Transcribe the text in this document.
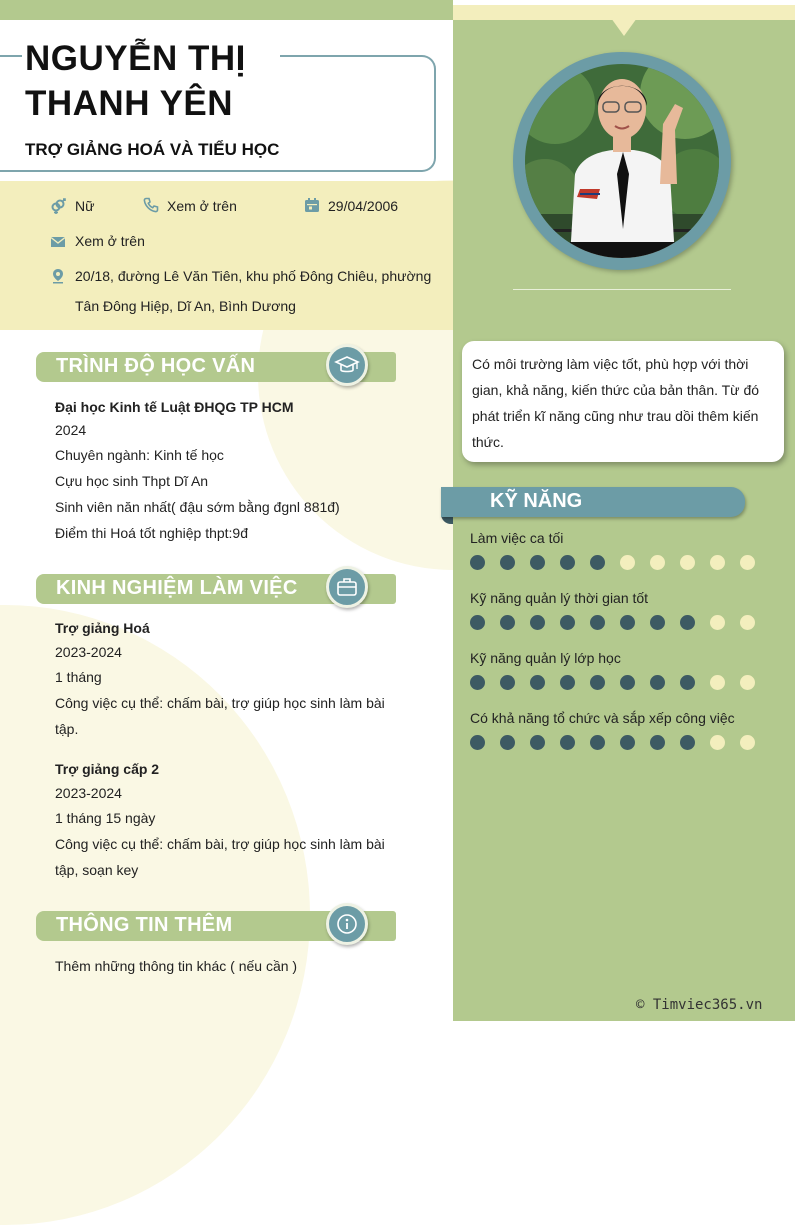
NGUYỄN THỊ
THANH YÊN
TRỢ GIẢNG HOÁ VÀ TIỂU HỌC
Nữ	Xem ở trên	29/04/2006
Xem ở trên
20/18, đường Lê Văn Tiên, khu phố Đông Chiêu, phường
Tân Đông Hiệp, Dĩ An, Bình Dương
TRÌNH ĐỘ HỌC VẤN
Đại học Kinh tế Luật ĐHQG TP HCM
2024
Chuyên ngành: Kinh tế học
Cựu học sinh Thpt Dĩ An
Sinh viên năn nhất( đậu sớm bằng đgnl 881đ)
Điểm thi Hoá tốt nghiệp thpt:9đ
KINH NGHIỆM LÀM VIỆC
Trợ giảng Hoá
2023-2024
1 tháng
Công việc cụ thể: chấm bài, trợ giúp học sinh làm bài
tập.
Trợ giảng cấp 2
2023-2024
1 tháng 15 ngày
Công việc cụ thể: chấm bài, trợ giúp học sinh làm bài
tập, soạn key
THÔNG TIN THÊM
Thêm những thông tin khác ( nếu cần )
Có môi trường làm việc tốt, phù hợp với thời gian, khả năng, kiến thức của bản thân. Từ đó phát triển kĩ năng cũng như trau dồi thêm kiến thức.
KỸ NĂNG
Làm việc ca tối
Kỹ năng quản lý thời gian tốt
Kỹ năng quản lý lớp học
Có khả năng tổ chức và sắp xếp công việc
© Timviec365.vn
